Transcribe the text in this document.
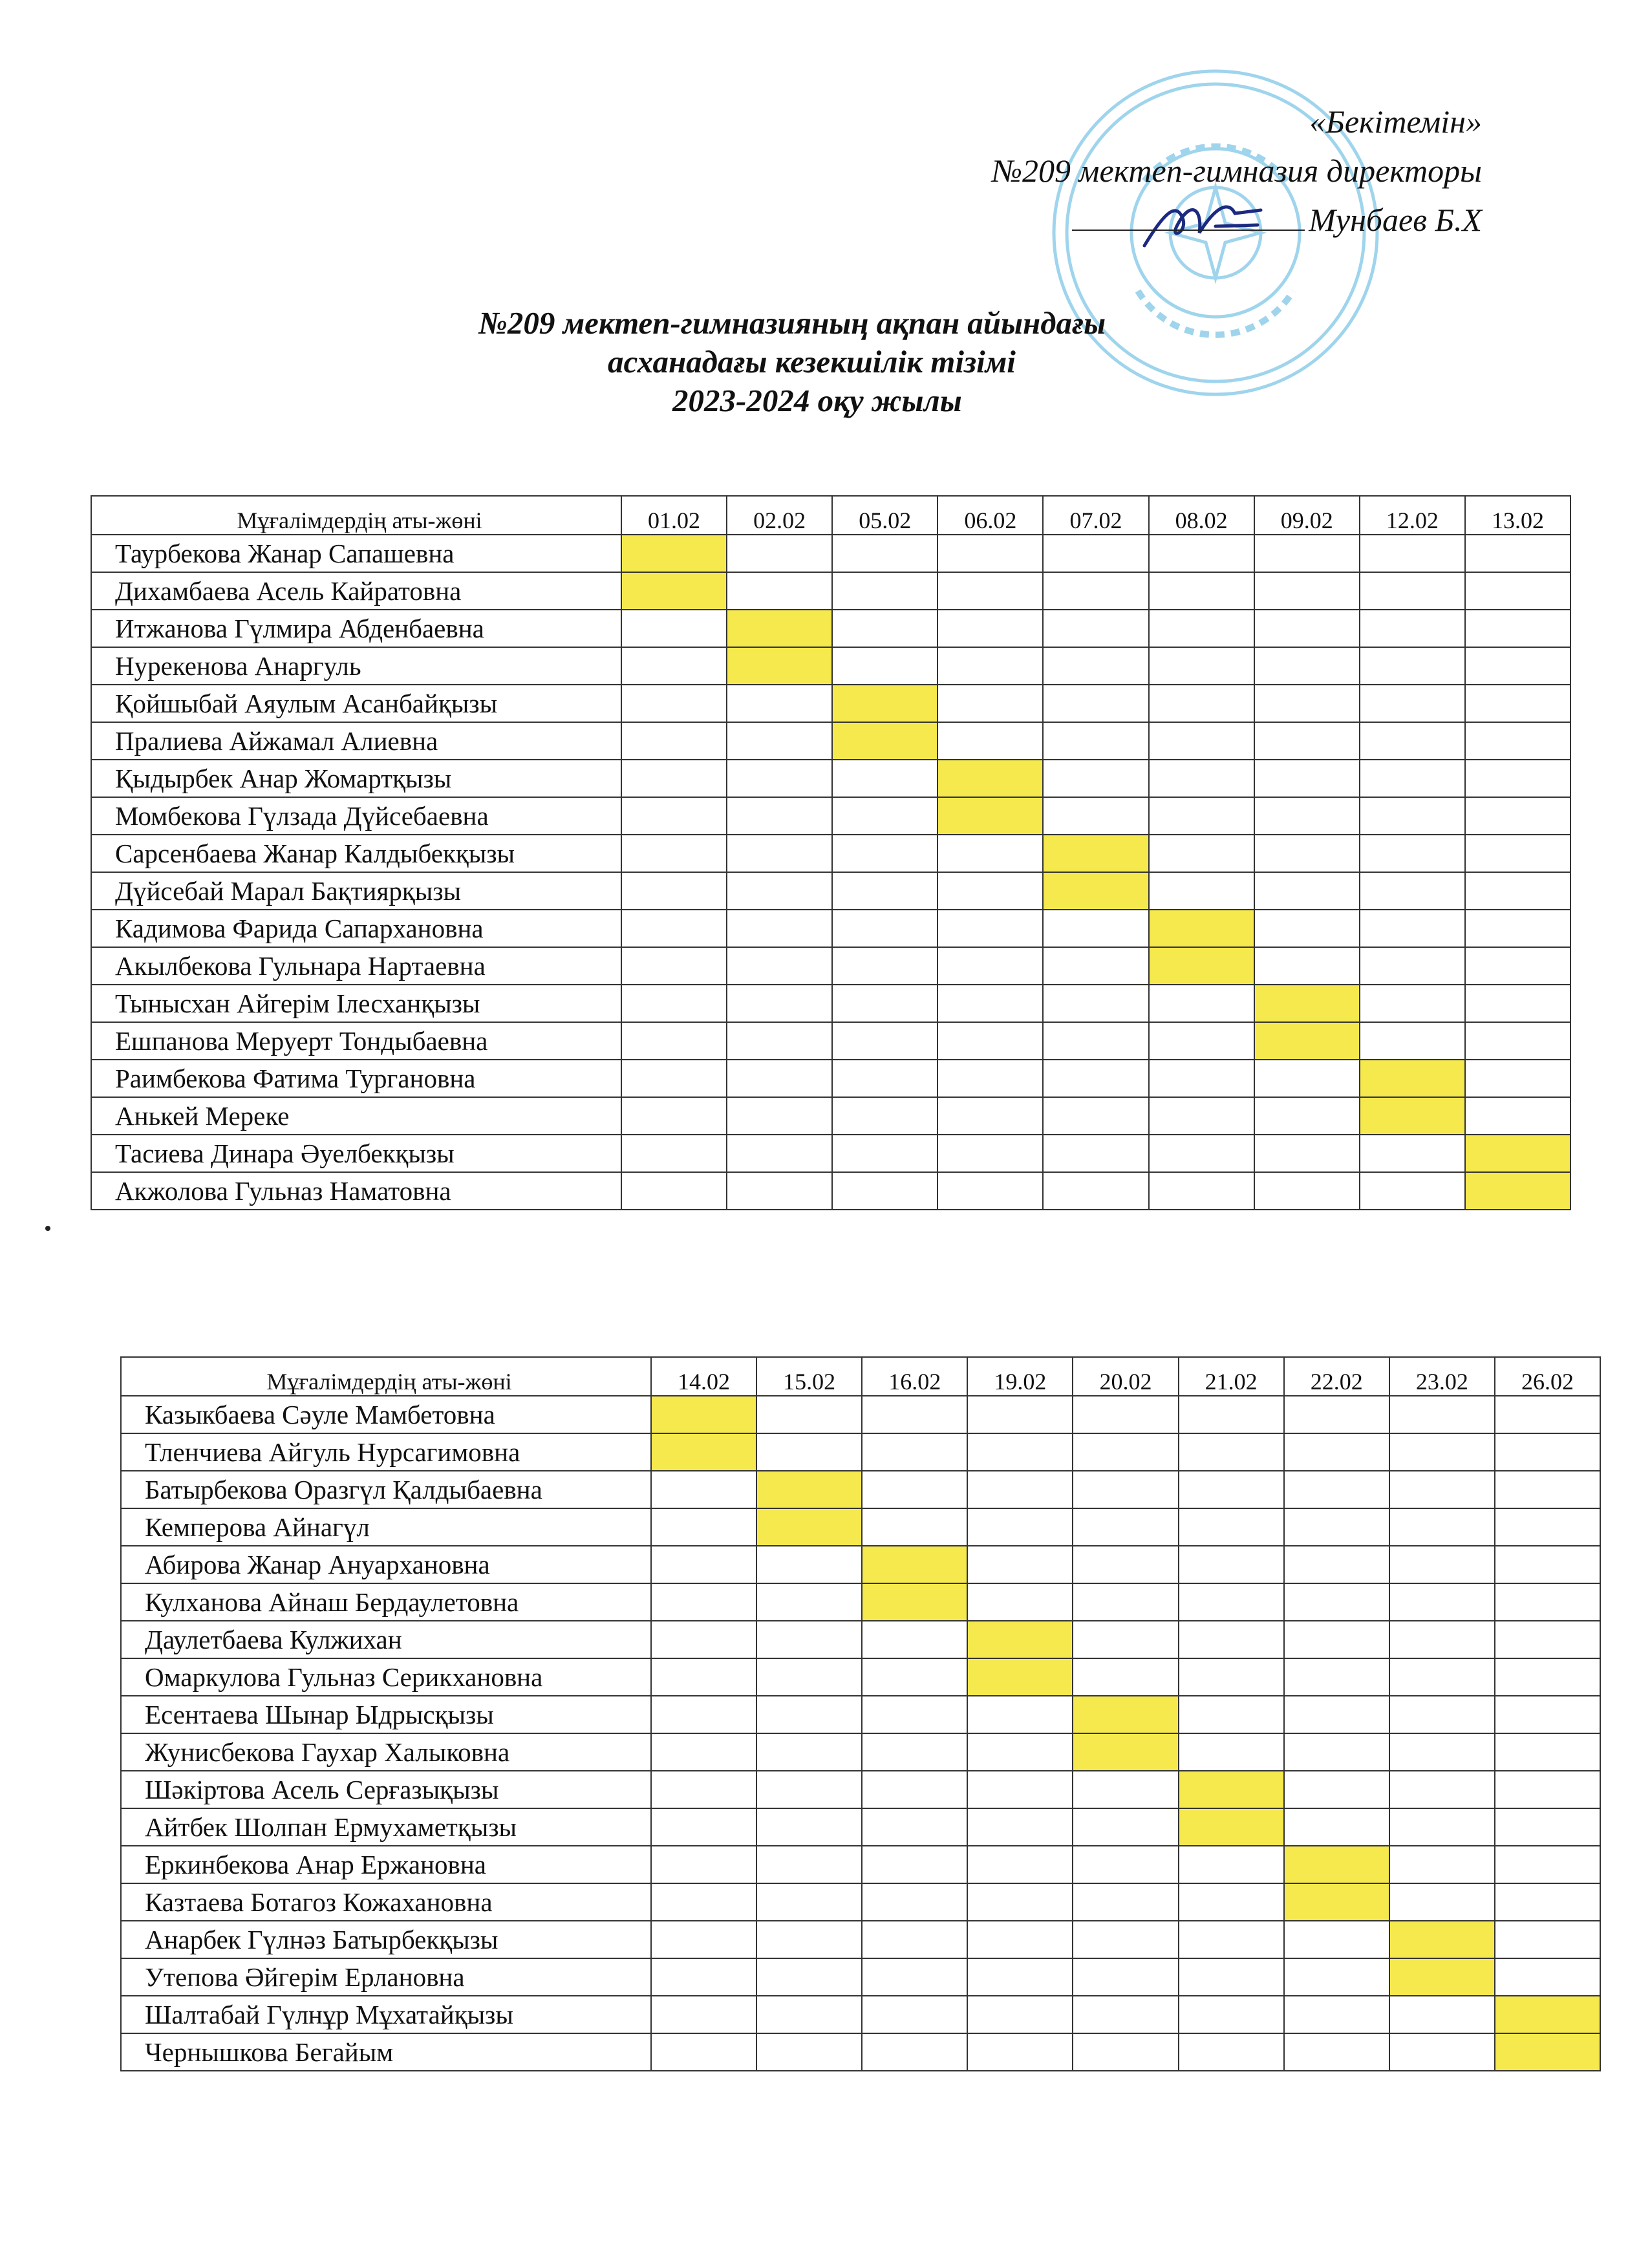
«Бекітемін»
№209 мектеп-гимназия директоры
Мунбаев Б.Х
№209 мектеп-гимназияның ақпан айындағы
асханадағы кезекшілік тізімі
2023-2024 оқу жылы
Мұғалімдердің аты-жөні	01.02	02.02	05.02	06.02	07.02	08.02	09.02	12.02	13.02
Таурбекова Жанар Сапашевна									
Дихамбаева Асель Кайратовна									
Итжанова Гүлмира Абденбаевна									
Нурекенова Анаргуль									
Қойшыбай Аяулым Асанбайқызы									
Пралиева Айжамал Алиевна									
Қыдырбек Анар Жомартқызы									
Момбекова Гүлзада Дүйсебаевна									
Сарсенбаева Жанар Калдыбекқызы									
Дүйсебай Марал Бақтиярқызы									
Кадимова Фарида Сапархановна									
Акылбекова Гульнара Нартаевна									
Тынысхан Айгерім Ілесханқызы									
Ешпанова Меруерт Тондыбаевна									
Раимбекова Фатима Тургановна									
Анькей Мереке									
Тасиева Динара Әуелбекқызы									
Акжолова Гульназ Наматовна									
Мұғалімдердің аты-жөні	14.02	15.02	16.02	19.02	20.02	21.02	22.02	23.02	26.02
Казыкбаева Сәуле Мамбетовна									
Тленчиева Айгуль Нурсагимовна									
Батырбекова Оразгүл Қалдыбаевна									
Кемперова Айнагүл									
Абирова Жанар Ануархановна									
Кулханова Айнаш Бердаулетовна									
Даулетбаева Кулжихан									
Омаркулова Гульназ Серикхановна									
Есентаева Шынар Ыдрысқызы									
Жунисбекова Гаухар Халыковна									
Шәкіртова Асель Серғазықызы									
Айтбек Шолпан Ермухаметқызы									
Еркинбекова Анар Ержановна									
Казтаева Ботагоз Кожахановна									
Анарбек Гүлнәз Батырбекқызы									
Утепова Әйгерім Ерлановна									
Шалтабай Гүлнұр Мұхатайқызы									
Чернышкова Бегайым									
